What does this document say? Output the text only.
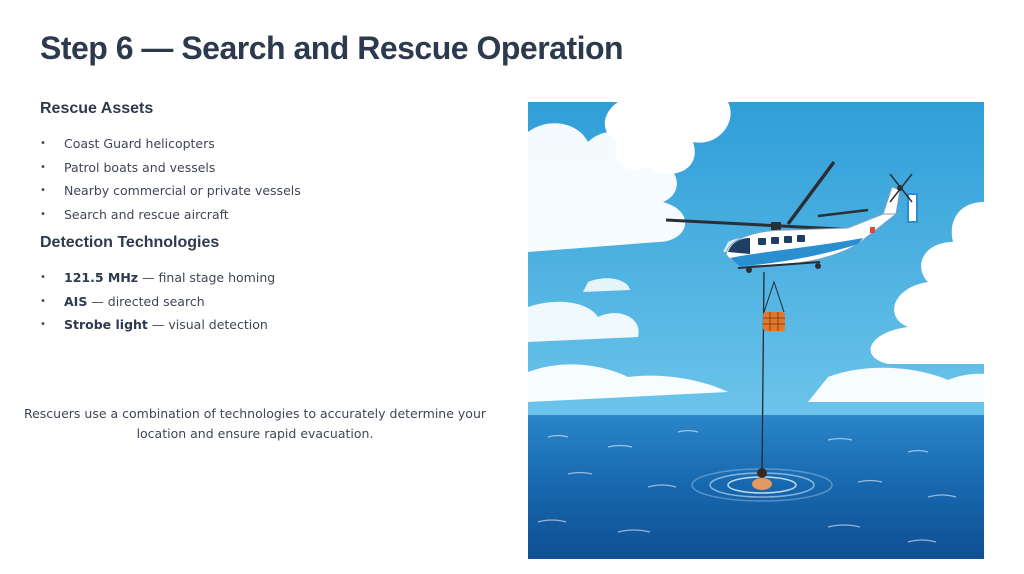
Step 6 — Search and Rescue Operation
Rescue Assets
• Coast Guard helicopters
• Patrol boats and vessels
• Nearby commercial or private vessels
• Search and rescue aircraft
Detection Technologies
• 121.5 MHz — final stage homing
• AIS — directed search
• Strobe light — visual detection

Rescuers use a combination of technologies to accurately determine your location and ensure rapid evacuation.
